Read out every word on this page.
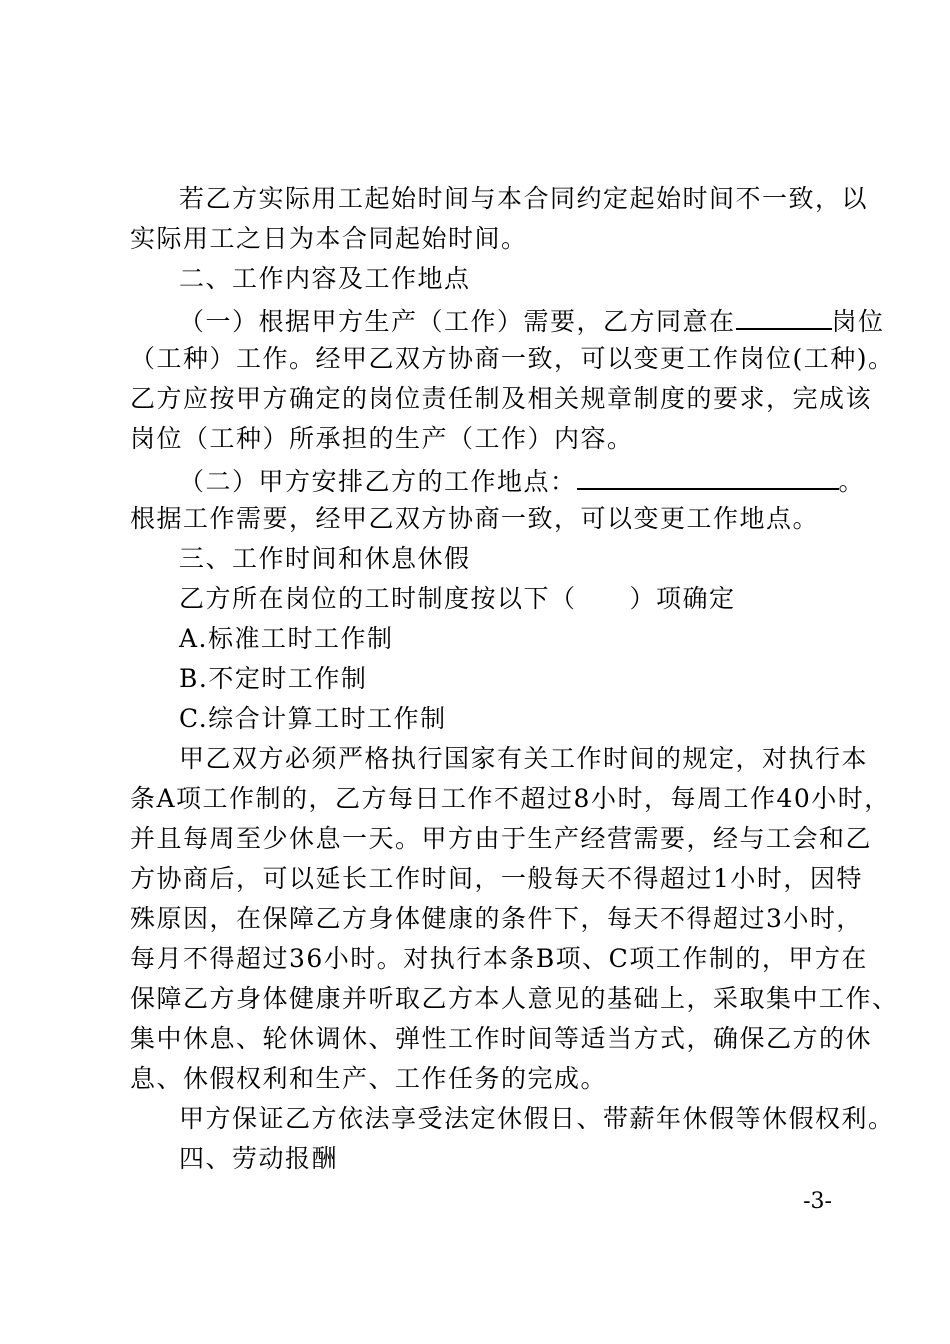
若乙方实际用工起始时间与本合同约定起始时间不一致，以
实际用工之日为本合同起始时间。
二、工作内容及工作地点
（一）根据甲方生产（工作）需要，乙方同意在	岗位
（工种）工作。经甲乙双方协商一致，可以变更工作岗位(工种)。
乙方应按甲方确定的岗位责任制及相关规章制度的要求，完成该
岗位（工种）所承担的生产（工作）内容。
（二）甲方安排乙方的工作地点：	。
根据工作需要，经甲乙双方协商一致，可以变更工作地点。
三、工作时间和休息休假
乙方所在岗位的工时制度按以下（　　）项确定
A.标准工时工作制
B.不定时工作制
C.综合计算工时工作制
甲乙双方必须严格执行国家有关工作时间的规定，对执行本
条A项工作制的，乙方每日工作不超过8小时，每周工作40小时，
并且每周至少休息一天。甲方由于生产经营需要，经与工会和乙
方协商后，可以延长工作时间，一般每天不得超过1小时，因特
殊原因，在保障乙方身体健康的条件下，每天不得超过3小时，
每月不得超过36小时。对执行本条B项、C项工作制的，甲方在
保障乙方身体健康并听取乙方本人意见的基础上，采取集中工作、
集中休息、轮休调休、弹性工作时间等适当方式，确保乙方的休
息、休假权利和生产、工作任务的完成。
甲方保证乙方依法享受法定休假日、带薪年休假等休假权利。
四、劳动报酬
-3-
